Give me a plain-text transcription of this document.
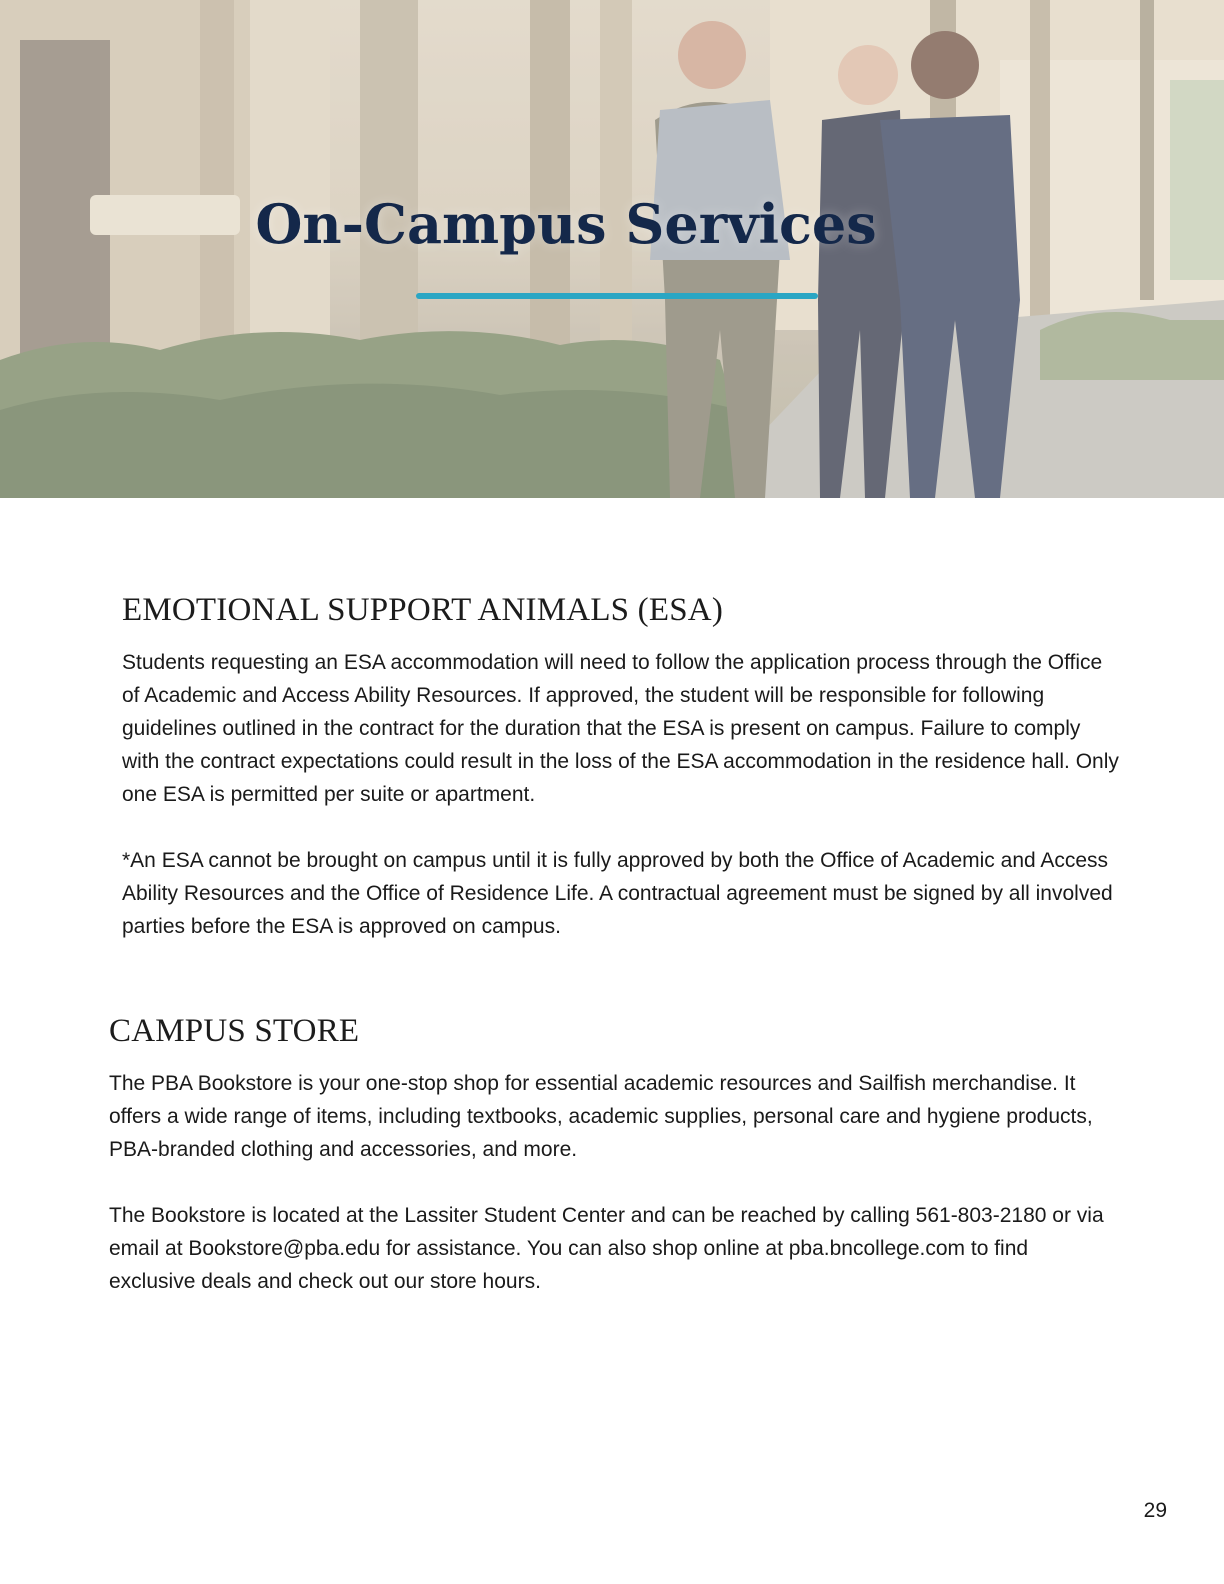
On-Campus Services
EMOTIONAL SUPPORT ANIMALS (ESA)

Students requesting an ESA accommodation will need to follow the application process through the Office of Academic and Access Ability Resources. If approved, the student will be responsible for following guidelines outlined in the contract for the duration that the ESA is present on campus. Failure to comply with the contract expectations could result in the loss of the ESA accommodation in the residence hall. Only one ESA is permitted per suite or apartment.

*An ESA cannot be brought on campus until it is fully approved by both the Office of Academic and Access Ability Resources and the Office of Residence Life. A contractual agreement must be signed by all involved parties before the ESA is approved on campus.

CAMPUS STORE

The PBA Bookstore is your one-stop shop for essential academic resources and Sailfish merchandise. It offers a wide range of items, including textbooks, academic supplies, personal care and hygiene products, PBA-branded clothing and accessories, and more.

The Bookstore is located at the Lassiter Student Center and can be reached by calling 561-803-2180 or via email at Bookstore@pba.edu for assistance. You can also shop online at pba.bncollege.com to find exclusive deals and check out our store hours.

29
